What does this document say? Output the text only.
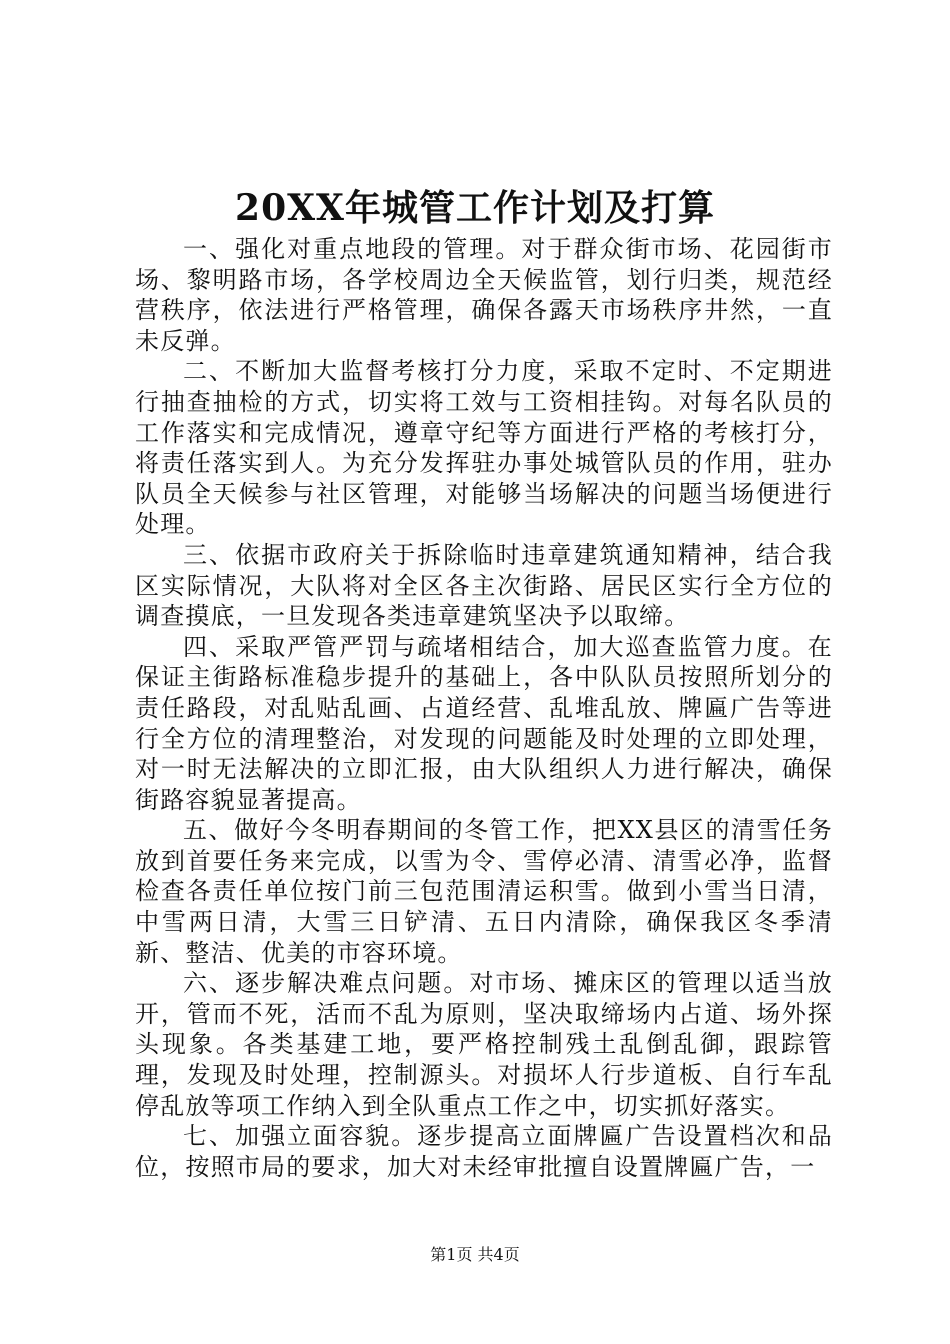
20XX年城管工作计划及打算

一、强化对重点地段的管理。对于群众街市场、花园街市场、黎明路市场，各学校周边全天候监管，划行归类，规范经营秩序，依法进行严格管理，确保各露天市场秩序井然，一直未反弹。

二、不断加大监督考核打分力度，采取不定时、不定期进行抽查抽检的方式，切实将工效与工资相挂钩。对每名队员的工作落实和完成情况，遵章守纪等方面进行严格的考核打分，将责任落实到人。为充分发挥驻办事处城管队员的作用，驻办队员全天候参与社区管理，对能够当场解决的问题当场便进行处理。

三、依据市政府关于拆除临时违章建筑通知精神，结合我区实际情况，大队将对全区各主次街路、居民区实行全方位的调查摸底，一旦发现各类违章建筑坚决予以取缔。

四、采取严管严罚与疏堵相结合，加大巡查监管力度。在保证主街路标准稳步提升的基础上，各中队队员按照所划分的责任路段，对乱贴乱画、占道经营、乱堆乱放、牌匾广告等进行全方位的清理整治，对发现的问题能及时处理的立即处理，对一时无法解决的立即汇报，由大队组织人力进行解决，确保街路容貌显著提高。

五、做好今冬明春期间的冬管工作，把XX县区的清雪任务放到首要任务来完成，以雪为令、雪停必清、清雪必净，监督检查各责任单位按门前三包范围清运积雪。做到小雪当日清，中雪两日清，大雪三日铲清、五日内清除，确保我区冬季清新、整洁、优美的市容环境。

六、逐步解决难点问题。对市场、摊床区的管理以适当放开，管而不死，活而不乱为原则，坚决取缔场内占道、场外探头现象。各类基建工地，要严格控制残土乱倒乱御，跟踪管理，发现及时处理，控制源头。对损坏人行步道板、自行车乱停乱放等项工作纳入到全队重点工作之中，切实抓好落实。

七、加强立面容貌。逐步提高立面牌匾广告设置档次和品位，按照市局的要求，加大对未经审批擅自设置牌匾广告，一

第1页 共4页
